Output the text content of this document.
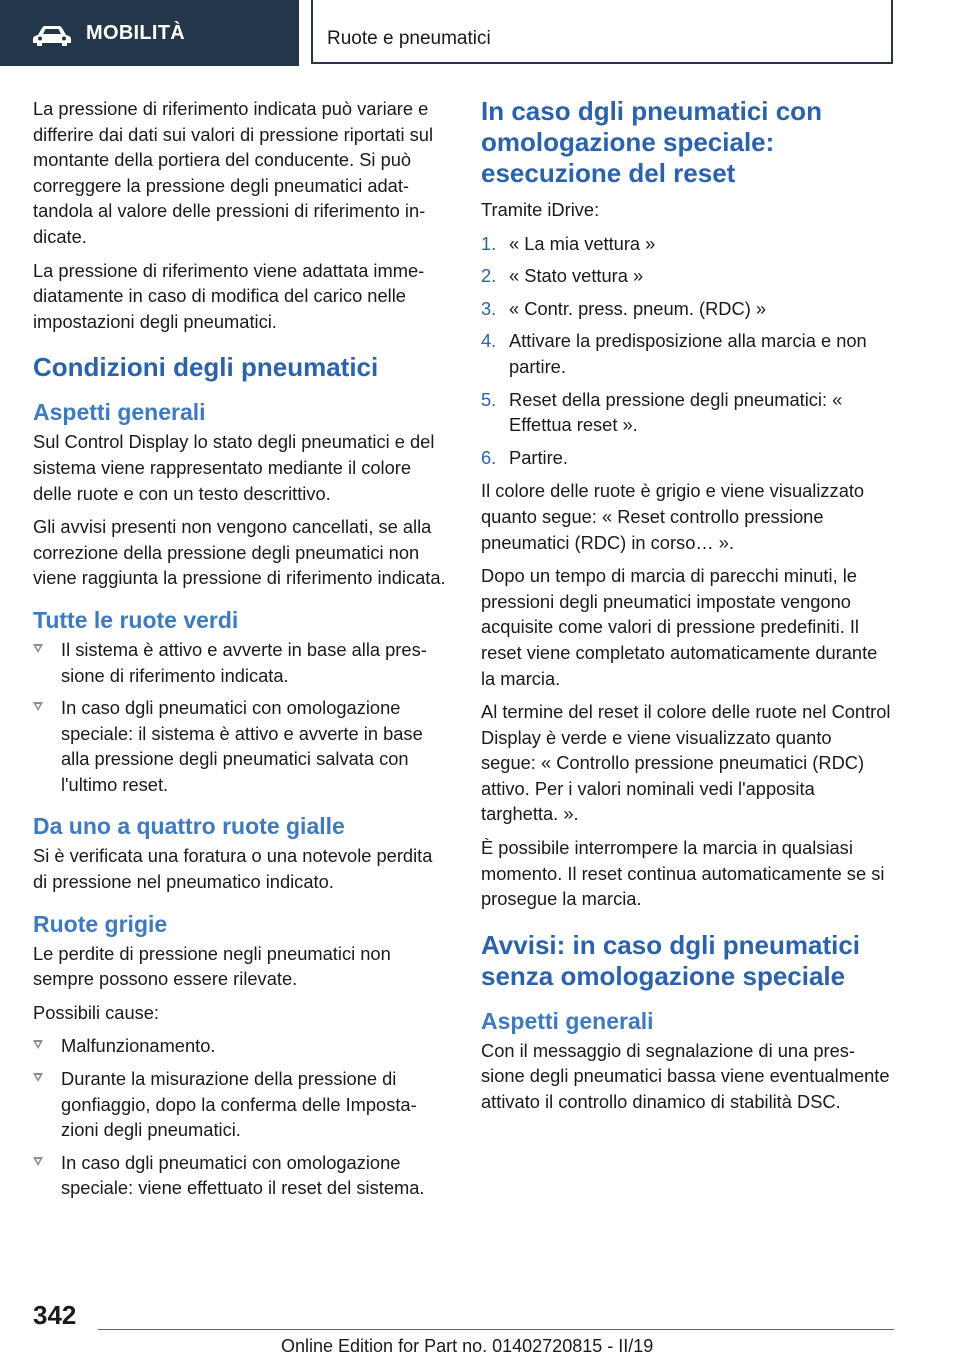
MOBILITÀ	Ruote e pneumatici

La pressione di riferimento indicata può variare e differire dai dati sui valori di pressione riportati sul montante della portiera del conducente. Si può correggere la pressione degli pneumatici adattandola al valore delle pressioni di riferimento indicate.

La pressione di riferimento viene adattata immediatamente in caso di modifica del carico nelle impostazioni degli pneumatici.

Condizioni degli pneumatici
Aspetti generali

Sul Control Display lo stato degli pneumatici e del sistema viene rappresentato mediante il colore delle ruote e con un testo descrittivo.

Gli avvisi presenti non vengono cancellati, se alla correzione della pressione degli pneumatici non viene raggiunta la pressione di riferimento indicata.

Tutte le ruote verdi
Il sistema è attivo e avverte in base alla pressione di riferimento indicata.
In caso dgli pneumatici con omologazione speciale: il sistema è attivo e avverte in base alla pressione degli pneumatici salvata con l'ultimo reset.
Da uno a quattro ruote gialle

Si è verificata una foratura o una notevole perdita di pressione nel pneumatico indicato.

Ruote grigie

Le perdite di pressione negli pneumatici non sempre possono essere rilevate.

Possibili cause:

Malfunzionamento.
Durante la misurazione della pressione di gonfiaggio, dopo la conferma delle Impostazioni degli pneumatici.
In caso dgli pneumatici con omologazione speciale: viene effettuato il reset del sistema.
In caso dgli pneumatici con omologazione speciale: esecuzione del reset

Tramite iDrive:

1. « La mia vettura »
2. « Stato vettura »
3. « Contr. press. pneum. (RDC) »
4. Attivare la predisposizione alla marcia e non partire.
5. Reset della pressione degli pneumatici: « Effettua reset ».
6. Partire.

Il colore delle ruote è grigio e viene visualizzato quanto segue: « Reset controllo pressione pneumatici (RDC) in corso… ».

Dopo un tempo di marcia di parecchi minuti, le pressioni degli pneumatici impostate vengono acquisite come valori di pressione predefiniti. Il reset viene completato automaticamente durante la marcia.

Al termine del reset il colore delle ruote nel Control Display è verde e viene visualizzato quanto segue: « Controllo pressione pneumatici (RDC) attivo. Per i valori nominali vedi l'apposita targhetta. ».

È possibile interrompere la marcia in qualsiasi momento. Il reset continua automaticamente se si prosegue la marcia.

Avvisi: in caso dgli pneumatici senza omologazione speciale
Aspetti generali

Con il messaggio di segnalazione di una pressione degli pneumatici bassa viene eventualmente attivato il controllo dinamico di stabilità DSC.

342
Online Edition for Part no. 01402720815 - II/19
